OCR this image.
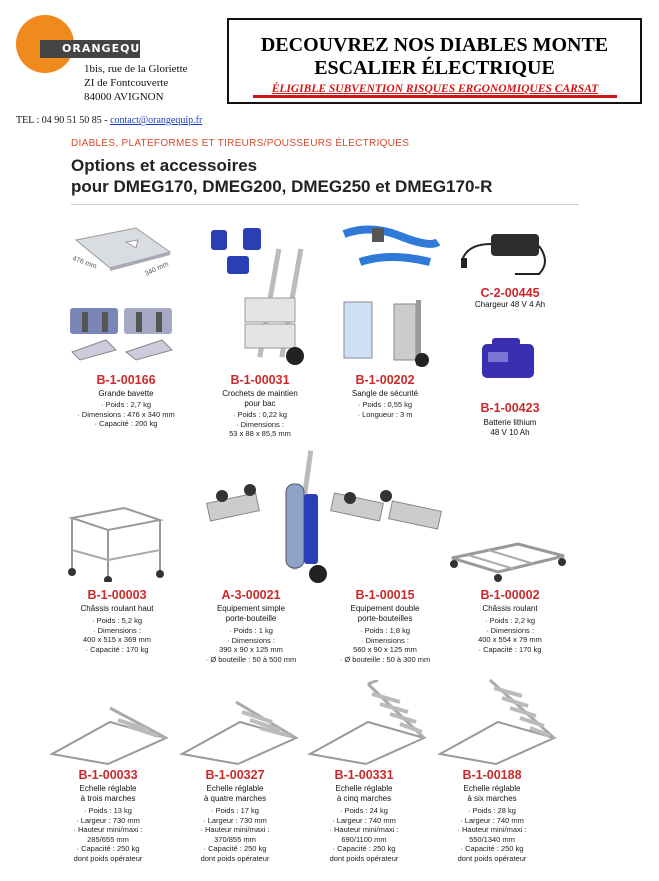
ORANGEQUIP
1bis, rue de la Gloriette
ZI de Fontcouverte
84000 AVIGNON
TEL : 04 90 51 50 85 - contact@orangequip.fr
DECOUVREZ NOS DIABLES MONTE
ESCALIER ÉLECTRIQUE
ÉLIGIBLE SUBVENTION RISQUES ERGONOMIQUES CARSAT
DIABLES, PLATEFORMES ET TIREURS/POUSSEURS ÉLECTRIQUES
Options et accessoires
pour DMEG170, DMEG200, DMEG250 et DMEG170-R
476 mm	340 mm
B-1-00166
Grande bavette
· Poids : 2,7 kg
· Dimensions : 476 x 340 mm
· Capacité : 200 kg
B-1-00031
Crochets de maintien
pour bac
· Poids : 0,22 kg
· Dimensions :
53 x 88 x 85,5 mm
B-1-00202
Sangle de sécurité
· Poids : 0,55 kg
· Longueur : 3 m
C-2-00445
Chargeur 48 V 4 Ah
B-1-00423
Batterie lithium
48 V 10 Ah
B-1-00003
Châssis roulant haut
· Poids : 5,2 kg
· Dimensions :
400 x 515 x 369 mm
· Capacité : 170 kg
A-3-00021
Equipement simple
porte-bouteille
· Poids : 1 kg
· Dimensions :
390 x 90 x 125 mm
· Ø bouteille : 50 à 500 mm
B-1-00015
Equipement double
porte-bouteilles
· Poids : 1,8 kg
· Dimensions :
560 x 90 x 125 mm
· Ø bouteille : 50 à 300 mm
B-1-00002
Châssis roulant
· Poids : 2,2 kg
· Dimensions :
400 x 554 x 79 mm
· Capacité : 170 kg
B-1-00033
Echelle réglable
à trois marches
· Poids : 13 kg
· Largeur : 730 mm
· Hauteur mini/maxi :
285/655 mm
· Capacité : 250 kg
dont poids opérateur
B-1-00327
Echelle réglable
à quatre marches
· Poids : 17 kg
· Largeur : 730 mm
· Hauteur mini/maxi :
370/855 mm
· Capacité : 250 kg
dont poids opérateur
B-1-00331
Echelle réglable
à cinq marches
· Poids : 24 kg
· Largeur : 740 mm
· Hauteur mini/maxi :
690/1100 mm
· Capacité : 250 kg
dont poids opérateur
B-1-00188
Echelle réglable
à six marches
· Poids : 28 kg
· Largeur : 740 mm
· Hauteur mini/maxi :
550/1340 mm
· Capacité : 250 kg
dont poids opérateur
